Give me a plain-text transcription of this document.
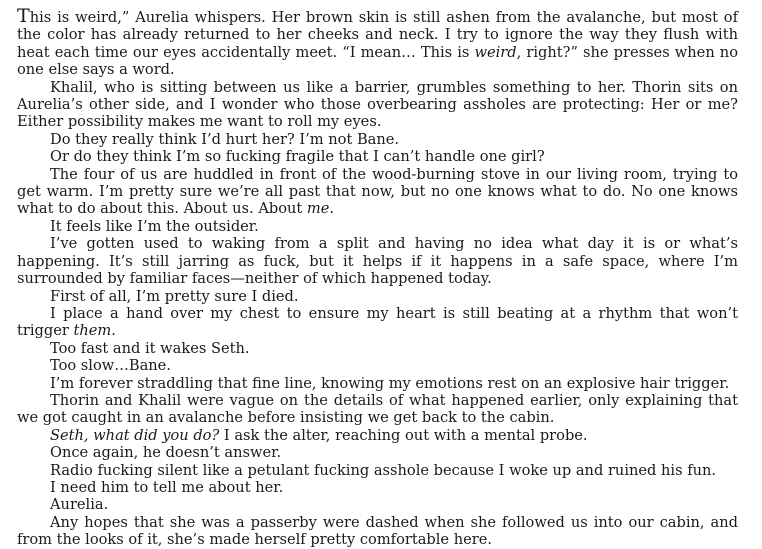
This is weird,” Aurelia whispers. Her brown skin is still ashen from the avalanche, but most of the color has already returned to her cheeks and neck. I try to ignore the way they flush with heat each time our eyes accidentally meet. “I mean… This is weird, right?” she presses when no one else says a word.

Khalil, who is sitting between us like a barrier, grumbles something to her. Thorin sits on Aurelia’s other side, and I wonder who those overbearing assholes are protecting: Her or me? Either possibility makes me want to roll my eyes.

Do they really think I’d hurt her? I’m not Bane.

Or do they think I’m so fucking fragile that I can’t handle one girl?

The four of us are huddled in front of the wood-burning stove in our living room, trying to get warm. I’m pretty sure we’re all past that now, but no one knows what to do. No one knows what to do about this. About us. About me.

It feels like I’m the outsider.

I’ve gotten used to waking from a split and having no idea what day it is or what’s happening. It’s still jarring as fuck, but it helps if it happens in a safe space, where I’m surrounded by familiar faces—neither of which happened today.

First of all, I’m pretty sure I died.

I place a hand over my chest to ensure my heart is still beating at a rhythm that won’t trigger them.

Too fast and it wakes Seth.

Too slow…Bane.

I’m forever straddling that fine line, knowing my emotions rest on an explosive hair trigger.

Thorin and Khalil were vague on the details of what happened earlier, only explaining that we got caught in an avalanche before insisting we get back to the cabin.

Seth, what did you do? I ask the alter, reaching out with a mental probe.

Once again, he doesn’t answer.

Radio fucking silent like a petulant fucking asshole because I woke up and ruined his fun.

I need him to tell me about her.

Aurelia.

Any hopes that she was a passerby were dashed when she followed us into our cabin, and from the looks of it, she’s made herself pretty comfortable here.
